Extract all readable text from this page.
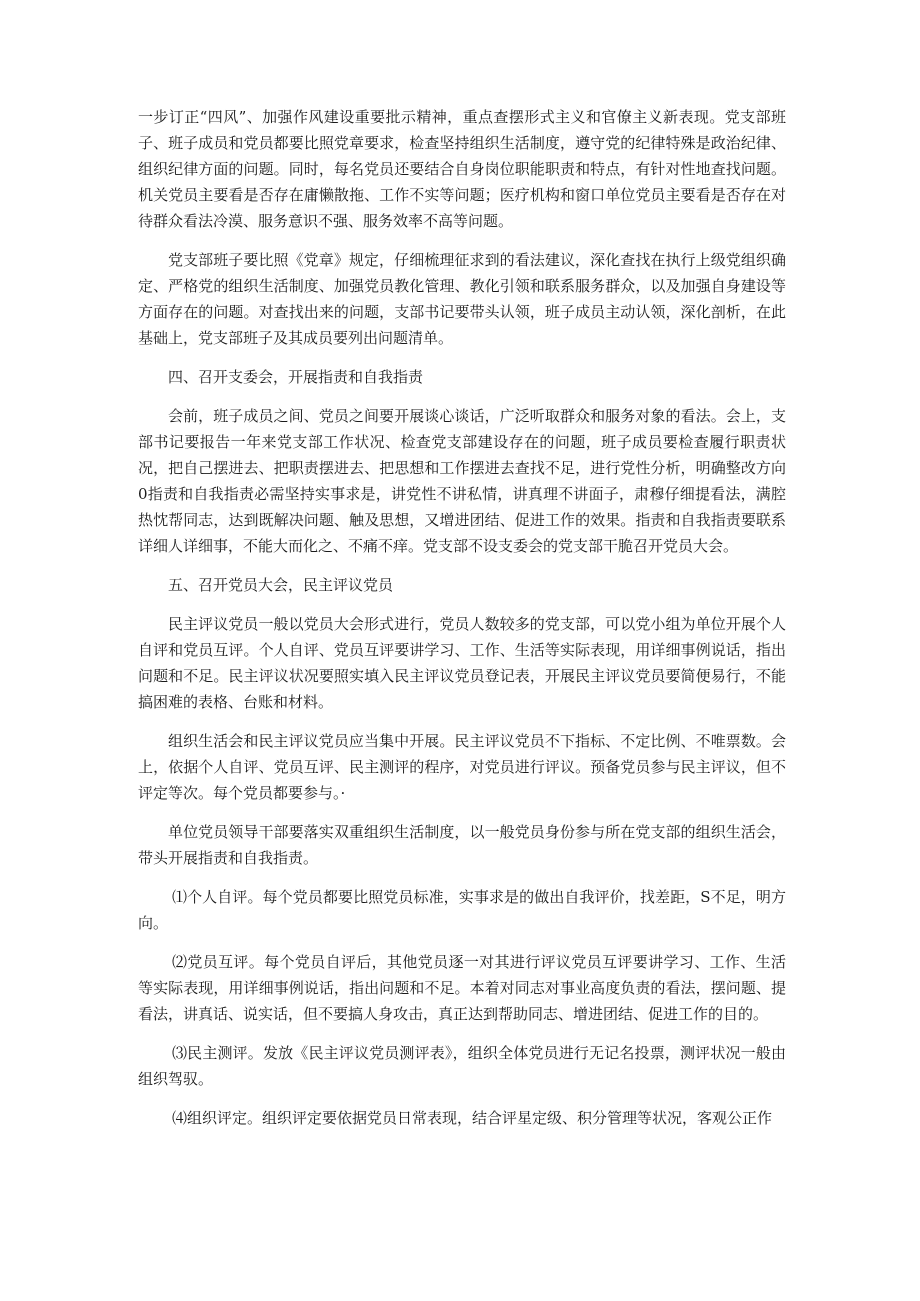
一步订正“四风”、加强作风建设重要批示精神，重点查摆形式主义和官僚主义新表现。党支部班子、班子成员和党员都要比照党章要求，检查坚持组织生活制度，遵守党的纪律特殊是政治纪律、组织纪律方面的问题。同时，每名党员还要结合自身岗位职能职责和特点，有针对性地查找问题。机关党员主要看是否存在庸懒散拖、工作不实等问题；医疗机构和窗口单位党员主要看是否存在对待群众看法冷漠、服务意识不强、服务效率不高等问题。

党支部班子要比照《党章》规定，仔细梳理征求到的看法建议，深化查找在执行上级党组织确定、严格党的组织生活制度、加强党员教化管理、教化引领和联系服务群众，以及加强自身建设等方面存在的问题。对查找出来的问题，支部书记要带头认领，班子成员主动认领，深化剖析，在此基础上，党支部班子及其成员要列出问题清单。

四、召开支委会，开展指责和自我指责

会前，班子成员之间、党员之间要开展谈心谈话，广泛听取群众和服务对象的看法。会上，支部书记要报告一年来党支部工作状况、检查党支部建设存在的问题，班子成员要检查履行职责状况，把自己摆进去、把职责摆进去、把思想和工作摆进去查找不足，进行党性分析，明确整改方向0指责和自我指责必需坚持实事求是，讲党性不讲私情，讲真理不讲面子，肃穆仔细提看法，满腔热忱帮同志，达到既解决问题、触及思想，又增进团结、促进工作的效果。指责和自我指责要联系详细人详细事，不能大而化之、不痛不痒。党支部不设支委会的党支部干脆召开党员大会。

五、召开党员大会，民主评议党员

民主评议党员一般以党员大会形式进行，党员人数较多的党支部，可以党小组为单位开展个人自评和党员互评。个人自评、党员互评要讲学习、工作、生活等实际表现，用详细事例说话，指出问题和不足。民主评议状况要照实填入民主评议党员登记表，开展民主评议党员要简便易行，不能搞困难的表格、台账和材料。

组织生活会和民主评议党员应当集中开展。民主评议党员不下指标、不定比例、不唯票数。会上，依据个人自评、党员互评、民主测评的程序，对党员进行评议。预备党员参与民主评议，但不评定等次。每个党员都要参与。·

单位党员领导干部要落实双重组织生活制度，以一般党员身份参与所在党支部的组织生活会，带头开展指责和自我指责。

⑴个人自评。每个党员都要比照党员标准，实事求是的做出自我评价，找差距，S不足，明方向。

⑵党员互评。每个党员自评后，其他党员逐一对其进行评议党员互评要讲学习、工作、生活等实际表现，用详细事例说话，指出问题和不足。本着对同志对事业高度负责的看法，摆问题、提看法，讲真话、说实话，但不要搞人身攻击，真正达到帮助同志、增进团结、促进工作的目的。

⑶民主测评。发放《民主评议党员测评表》，组织全体党员进行无记名投票，测评状况一般由组织驾驭。

⑷组织评定。组织评定要依据党员日常表现，结合评星定级、积分管理等状况，客观公正作
